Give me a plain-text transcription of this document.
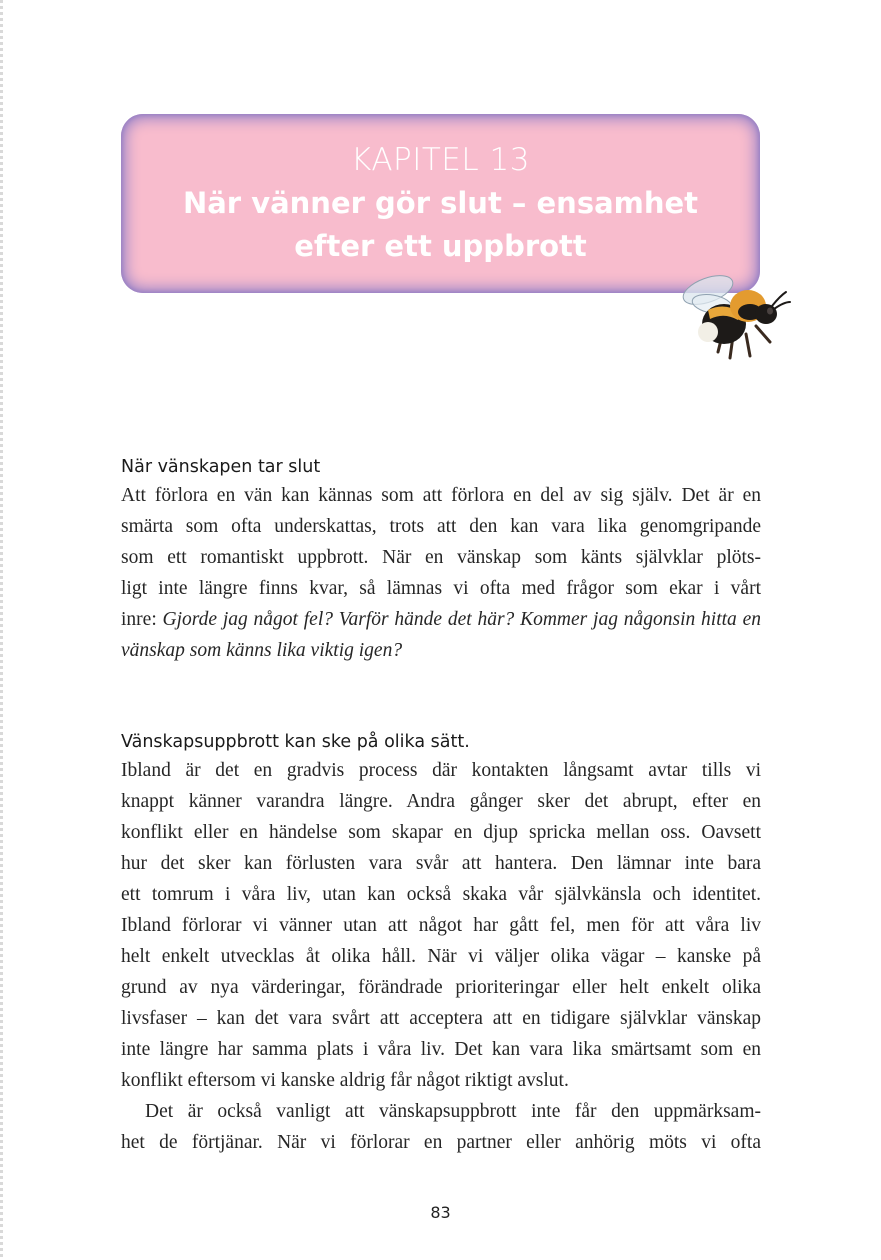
KAPITEL 13
När vänner gör slut – ensamhet
efter ett uppbrott
När vänskapen tar slut
Att förlora en vän kan kännas som att förlora en del av sig själv. Det är en
smärta som ofta underskattas, trots att den kan vara lika genomgripande
som ett romantiskt uppbrott. När en vänskap som känts självklar plöts-
ligt inte längre finns kvar, så lämnas vi ofta med frågor som ekar i vårt
inre: Gjorde jag något fel? Varför hände det här? Kommer jag någonsin hitta en
vänskap som känns lika viktig igen?
Vänskapsuppbrott kan ske på olika sätt.
Ibland är det en gradvis process där kontakten långsamt avtar tills vi
knappt känner varandra längre. Andra gånger sker det abrupt, efter en
konflikt eller en händelse som skapar en djup spricka mellan oss. Oavsett
hur det sker kan förlusten vara svår att hantera. Den lämnar inte bara
ett tomrum i våra liv, utan kan också skaka vår självkänsla och identitet.
Ibland förlorar vi vänner utan att något har gått fel, men för att våra liv
helt enkelt utvecklas åt olika håll. När vi väljer olika vägar – kanske på
grund av nya värderingar, förändrade prioriteringar eller helt enkelt olika
livsfaser – kan det vara svårt att acceptera att en tidigare självklar vänskap
inte längre har samma plats i våra liv. Det kan vara lika smärtsamt som en
konflikt eftersom vi kanske aldrig får något riktigt avslut.
Det är också vanligt att vänskapsuppbrott inte får den uppmärksam-
het de förtjänar. När vi förlorar en partner eller anhörig möts vi ofta
83
